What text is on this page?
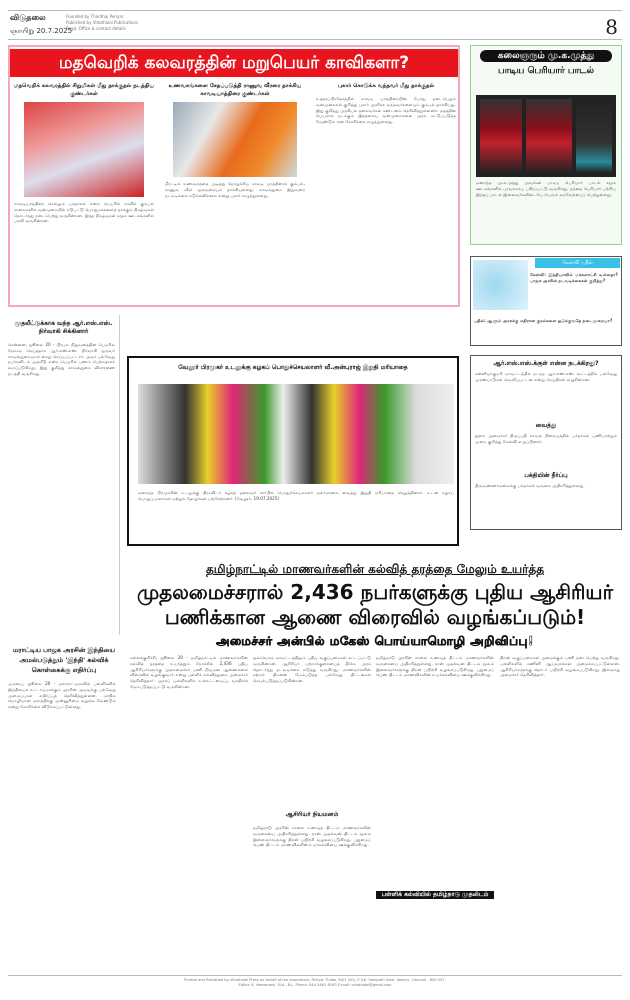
விடுதலை
ஞாயிறு 20.7.2025
Founded by Thanthai Periyar
Published by Viduthalai Publications
Regd. Office & contact details	8
மதவெறிக் கலவரத்தின் மறுபெயர் காவிகளா?
மதவெறிக் கலவரத்தில் சிறுமிகள் மீது தாக்குதல் நடத்திய குண்டர்கள்
காவடியாத்திரை செல்லும் பக்தர்கள் என்ற பெயரில் காவிக் கும்பல் சாலைகளில் வன்முறையில் ஈடுபட்டு பொதுமக்களைத் தாக்கும் நிகழ்வுகள் தொடர்ந்து நடைபெற்று வருகின்றன. இந்த நிகழ்வுகள் சமூக ஊடகங்களில் பரவி வருகின்றன.
உணவகங்களை சேதப்படுத்தி ராணுவ வீரரை தாக்கிய காவடியாத்திரை குண்டர்கள்
மீரட்டில் உணவகத்தை அடித்து நொறுக்கிய காவடி யாத்திரைக் கும்பல், ராணுவ வீரர் ஒருவரையும் தாக்கியுள்ளது. காவல்துறை இதுவரை நடவடிக்கை எடுக்கவில்லை என்று புகார் எழுந்துள்ளது.
புகார் கொடுக்க வந்தவர் மீது தாக்குதல்
உத்தரப்பிரதேசத்தில் காவடி யாத்திரையின் போது நடைபெறும் வன்முறைகள் குறித்து புகார் அளிக்க வந்தவர்களையும் கும்பல் தாக்கியது. இது குறித்து அரசியல் தலைவர்கள் கண்டனம் தெரிவித்துள்ளனர். மதத்தின் பெயரால் நடக்கும் இத்தகைய வன்முறைகளை அரசு கட்டுப்படுத்த வேண்டும் என கோரிக்கை எழுந்துள்ளது.
கலைஞரும் மு.க.முத்து
பாடிய பெரியார் பாடல்
மறைந்த மு.க.முத்து அவர்கள் பாடிய பெரியார் பாடல் சமூக ஊடகங்களில் பரவலாகப் பகிரப்பட்டு வருகிறது. தந்தை பெரியார் பற்றிய இந்தப் பாடல் இளைஞர்களிடையே பெரும் வரவேற்பைப் பெற்றுள்ளது.
கேள்வி பதில்
கேள்வி: இந்தியாவில் மக்களாட்சி உள்ளதா? பாஜக அரசின் நடவடிக்கைகள் குறித்து?
பதில்: ஆளும் அரசுக்கு எதிரான குரல்களை ஒடுக்குவதே நடைமுறையா?
ஆர்.எஸ்.எஸ்.க்குள் என்ன நடக்கிறது?
கன்னியாகுமரி மாவட்டத்தில் நடந்த ஆர்.எஸ்.எஸ். கூட்டத்தில் பல்வேறு முரண்பாடுகள் வெளிப்பட்டன என்று செய்திகள் கூறுகின்றன.
வைத்து
துறை அமைச்சர் திருப்பதி காவல் நிலையத்தில் பக்தர்கள் பணியாற்றும் முறை குறித்து கேள்வி எழுப்பினார்.
பக்தியின் தீர்ப்பு
திருவண்ணாமலைக்கு பக்தர்கள் வருகை அதிகரித்துள்ளது.
முதலீட்டுக்காக வந்த ஆர்.எஸ்.எஸ். நிர்வாகி சிக்கினார்
சென்னை, ஜூலை 20 - பிரபல நிறுவனத்தின் பெயரில் மோசடி செய்ததாக ஆர்.எஸ்.எஸ். நிர்வாகி ஒருவர் காவல்துறையால் கைது செய்யப்பட்டார். அவர் பல்வேறு நபர்களிடம் முதலீடு என்ற பெயரில் பணம் பெற்றதாகக் கூறப்படுகிறது. இது குறித்து காவல்துறை விசாரணை நடத்தி வருகிறது.
வேலூர் பிரமுகர் உடலுக்கு கழகப் பொதுச்செயலாளர் வீ.அன்புராஜ் இறுதி மரியாதை
மறைந்த பிரமுகரின் உடலுக்கு திராவிடர் கழகத் தலைவர் சார்பில் பொதுச்செயலாளர் மலர்மாலை வைத்து இறுதி மரியாதை செலுத்தினார். உடன் கழகப் பொறுப்பாளர்கள் மற்றும் தோழர்கள் பங்கேற்றனர். (வேலூர், 19.07.2025)
தமிழ்நாட்டில் மாணவர்களின் கல்வித் தரத்தை மேலும் உயர்த்த
முதலமைச்சரால் 2,436 நபர்களுக்கு புதிய ஆசிரியர்
பணிக்கான ஆணை விரைவில் வழங்கப்படும்!
அமைச்சர் அன்பில் மகேஸ் பொய்யாமொழி அறிவிப்பு!
கள்ளக்குறிச்சி, ஜூலை 20 - தமிழ்நாட்டில் மாணவர்களின் கல்வித் தரத்தை உயர்த்தும் நோக்கில் 2,436 புதிய ஆசிரியர்களுக்கு முதலமைச்சர் பணி நியமன ஆணைகளை விரைவில் வழங்குவார் என்று பள்ளிக் கல்வித்துறை அமைச்சர் தெரிவித்தார். அரசுப் பள்ளிகளில் உள்கட்டமைப்பு வசதிகள் மேம்படுத்தப்பட்டு வருகின்றன.
ஒவ்வொரு மாவட்டத்திலும் புதிய வகுப்பறைகள் கட்டப்பட்டு வருகின்றன. ஆசிரியர் பற்றாக்குறையைத் தீர்க்க அரசு தொடர்ந்து நடவடிக்கை எடுத்து வருகிறது. மாணவர்களின் கற்றல் திறனை மேம்படுத்த பல்வேறு திட்டங்கள் செயல்படுத்தப்படுகின்றன.
ஆசிரியர் நியமனம்
தமிழ்நாடு அரசின் காலை உணவுத் திட்டம் மாணவர்களின் வருகையை அதிகரித்துள்ளது. நான் முதல்வன் திட்டம் மூலம் இளைஞர்களுக்கு திறன் பயிற்சி வழங்கப்படுகிறது. புதுமைப் பெண் திட்டம் மாணவிகளின் உயர்கல்வியை ஊக்குவிக்கிறது.
தமிழ்நாடு அரசின் காலை உணவுத் திட்டம் மாணவர்களின் வருகையை அதிகரித்துள்ளது. நான் முதல்வன் திட்டம் மூலம் இளைஞர்களுக்கு திறன் பயிற்சி வழங்கப்படுகிறது. புதுமைப் பெண் திட்டம் மாணவிகளின் உயர்கல்வியை ஊக்குவிக்கிறது.
பள்ளிக் கல்வியில் தமிழ்நாடு முதலிடம்
திறன் வகுப்பறைகள் அமைக்கும் பணி நடைபெற்று வருகிறது. பள்ளிகளில் கணினி ஆய்வகங்கள் அமைக்கப்பட்டுள்ளன. ஆசிரியர்களுக்கு தொடர் பயிற்சி வழங்கப்படுகிறது. இவ்வாறு அமைச்சர் தெரிவித்தார்.
மராட்டிய பாஜக அரசின் இந்தியை அமல்படுத்தும் 'இந்தி' கல்விக் கொள்கைக்கு எதிர்ப்பு
மும்பை, ஜூலை 20 - மகாராட்டிராவில் பள்ளிகளில் இந்தியைக் கட்டாயமாக்கும் அரசின் முடிவுக்கு பல்வேறு அமைப்புகள் எதிர்ப்புத் தெரிவித்துள்ளன. மாநில மொழியான மராத்திக்கு முன்னுரிமை வழங்க வேண்டும் என்று கோரிக்கை விடுக்கப்பட்டுள்ளது.
Printed and Published by Viduthalai Press on behalf of the proprietors, Periyar Thidal, 84/1 (50), E.V.K. Sampath Salai, Vepery, Chennai - 600 007.
Editor: K. Veeramani, M.A., B.L. Phone: 044-2661 8163 E-mail: viduthalai@gmail.com
